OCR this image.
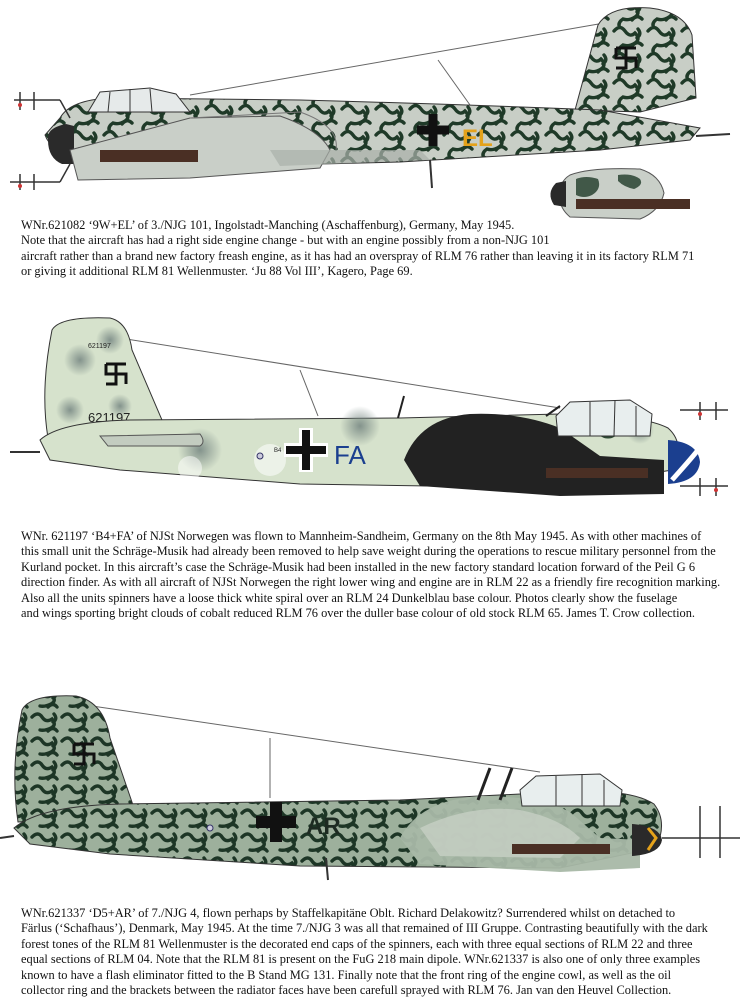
EL
WNr.621082 ‘9W+EL’ of 3./NJG 101, Ingolstadt-Manching (Aschaffenburg), Germany, May 1945.
Note that the aircraft has had a right side engine change - but with an engine possibly from a non-NJG 101
aircraft rather than a brand new factory freash engine, as it has had an overspray of RLM 76 rather than leaving it in its factory RLM 71
or giving it additional RLM 81 Wellenmuster. ‘Ju 88 Vol III’, Kagero, Page 69.
621197
621197
B4 FA
WNr. 621197 ‘B4+FA’ of NJSt Norwegen was flown to Mannheim-Sandheim, Germany on the 8th May 1945. As with other machines of
this small unit the Schräge-Musik had already been removed to help save weight during the operations to rescue military personnel from the
Kurland pocket. In this aircraft’s case the Schräge-Musik had been installed in the new factory standard location forward of the Peil G 6
direction finder. As with all aircraft of NJSt Norwegen the right lower wing and engine are in RLM 22 as a friendly fire recognition marking.
Also all the units spinners have a loose thick white spiral over an RLM 24 Dunkelblau base colour. Photos clearly show the fuselage
and wings sporting bright clouds of cobalt reduced RLM 76 over the duller base colour of old stock RLM 65. James T. Crow collection.
AR
WNr.621337 ‘D5+AR’ of 7./NJG 4, flown perhaps by Staffelkapitäne Oblt. Richard Delakowitz? Surrendered whilst on detached to
Färlus (‘Schafhaus’), Denmark, May 1945. At the time 7./NJG 3 was all that remained of III Gruppe. Contrasting beautifully with the dark
forest tones of the RLM 81 Wellenmuster is the decorated end caps of the spinners, each with three equal sections of RLM 22 and three
equal sections of RLM 04. Note that the RLM 81 is present on the FuG 218 main dipole. WNr.621337 is also one of only three examples
known to have a flash eliminator fitted to the B Stand MG 131. Finally note that the front ring of the engine cowl, as well as the oil
collector ring and the brackets between the radiator faces have been carefull sprayed with RLM 76. Jan van den Heuvel Collection.
